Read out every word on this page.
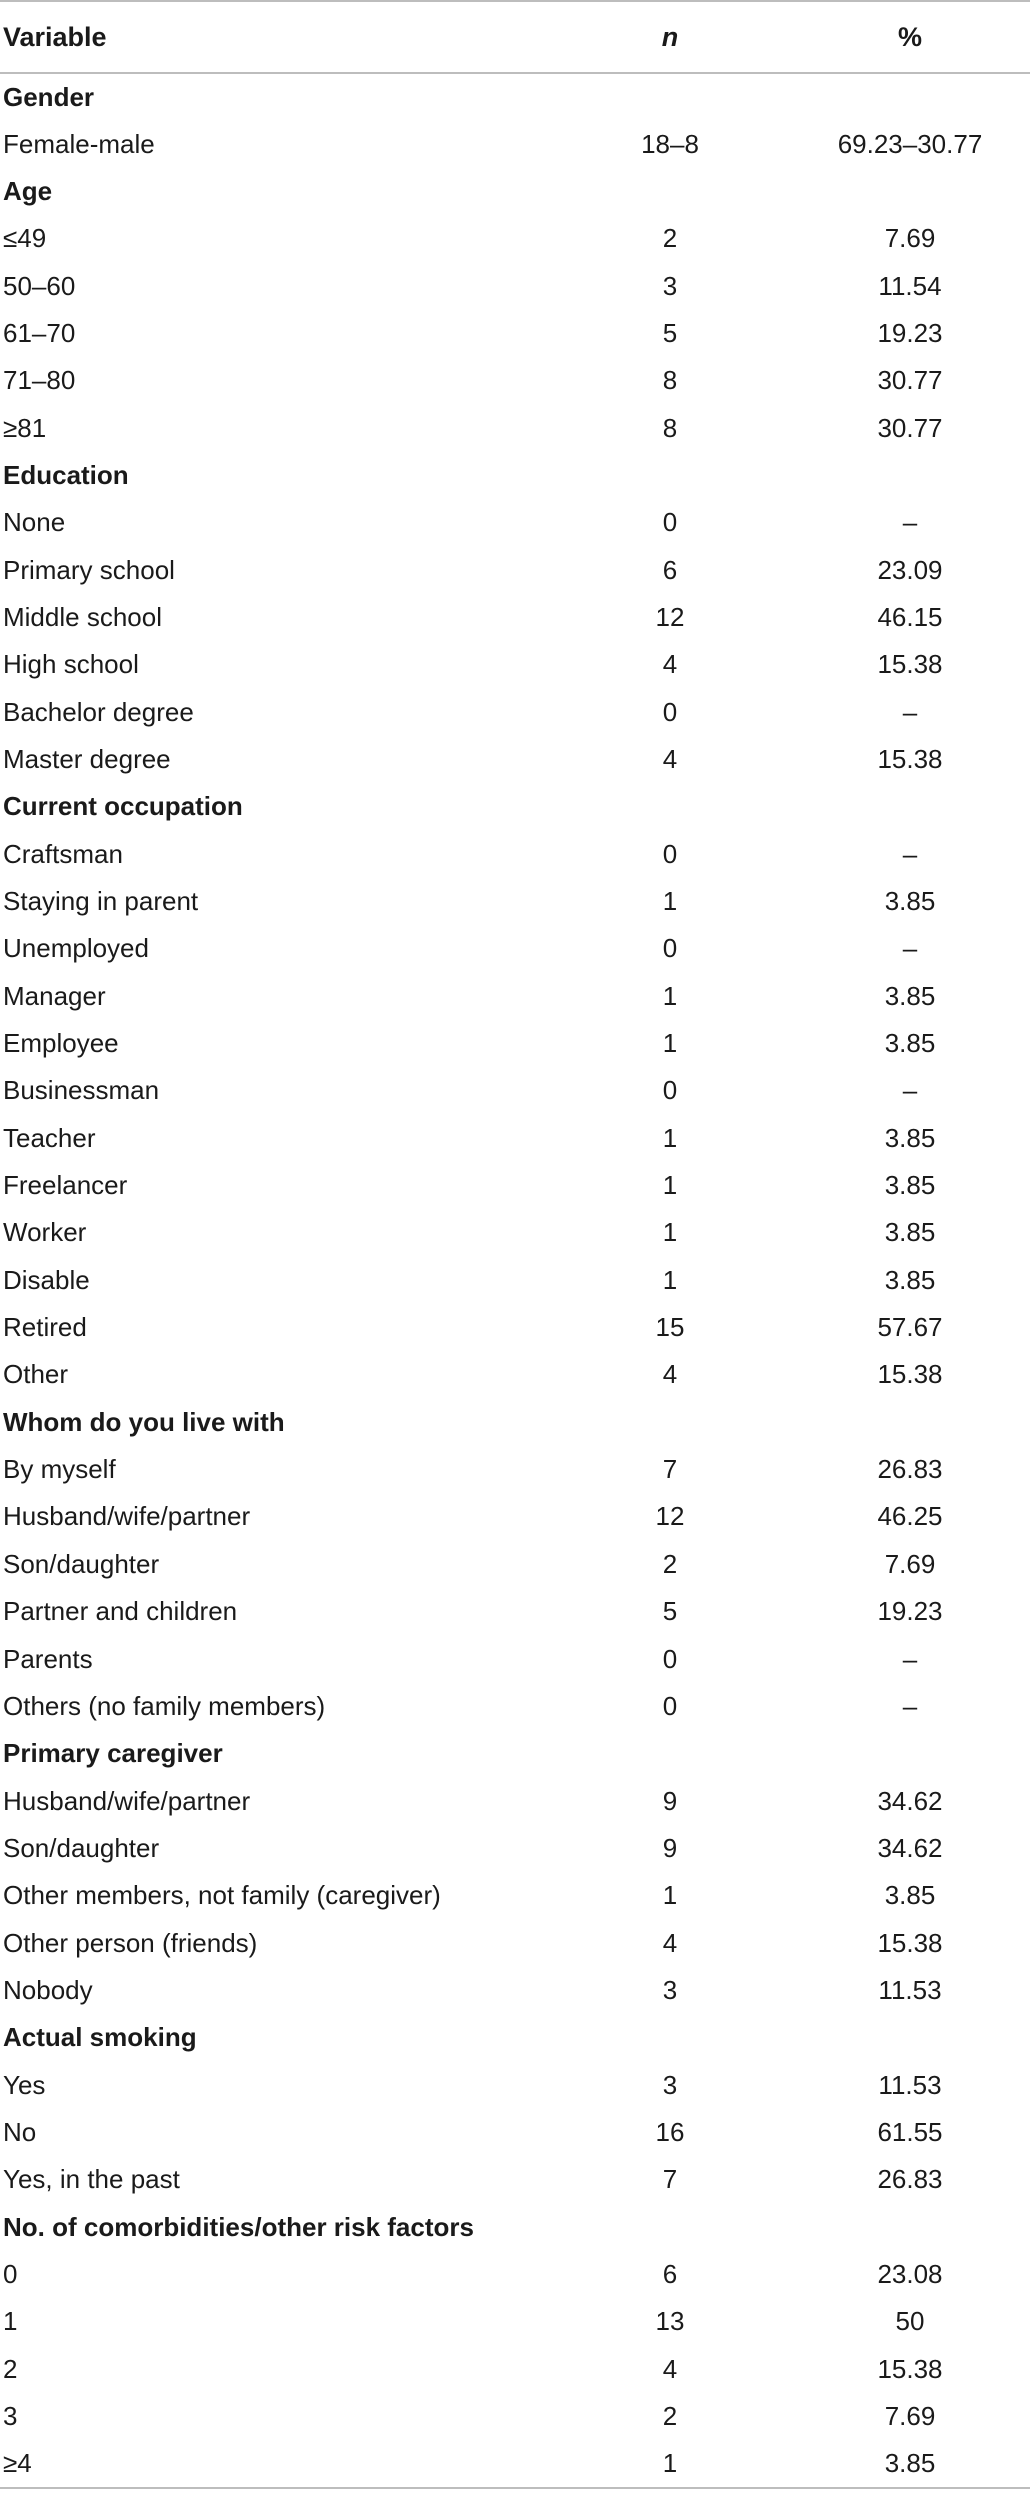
Variable	n	%
Gender		
Female-male	18–8	69.23–30.77
Age		
≤49	2	7.69
50–60	3	11.54
61–70	5	19.23
71–80	8	30.77
≥81	8	30.77
Education		
None	0	–
Primary school	6	23.09
Middle school	12	46.15
High school	4	15.38
Bachelor degree	0	–
Master degree	4	15.38
Current occupation		
Craftsman	0	–
Staying in parent	1	3.85
Unemployed	0	–
Manager	1	3.85
Employee	1	3.85
Businessman	0	–
Teacher	1	3.85
Freelancer	1	3.85
Worker	1	3.85
Disable	1	3.85
Retired	15	57.67
Other	4	15.38
Whom do you live with		
By myself	7	26.83
Husband/wife/partner	12	46.25
Son/daughter	2	7.69
Partner and children	5	19.23
Parents	0	–
Others (no family members)	0	–
Primary caregiver		
Husband/wife/partner	9	34.62
Son/daughter	9	34.62
Other members, not family (caregiver)	1	3.85
Other person (friends)	4	15.38
Nobody	3	11.53
Actual smoking		
Yes	3	11.53
No	16	61.55
Yes, in the past	7	26.83
No. of comorbidities/other risk factors		
0	6	23.08
1	13	50
2	4	15.38
3	2	7.69
≥4	1	3.85
